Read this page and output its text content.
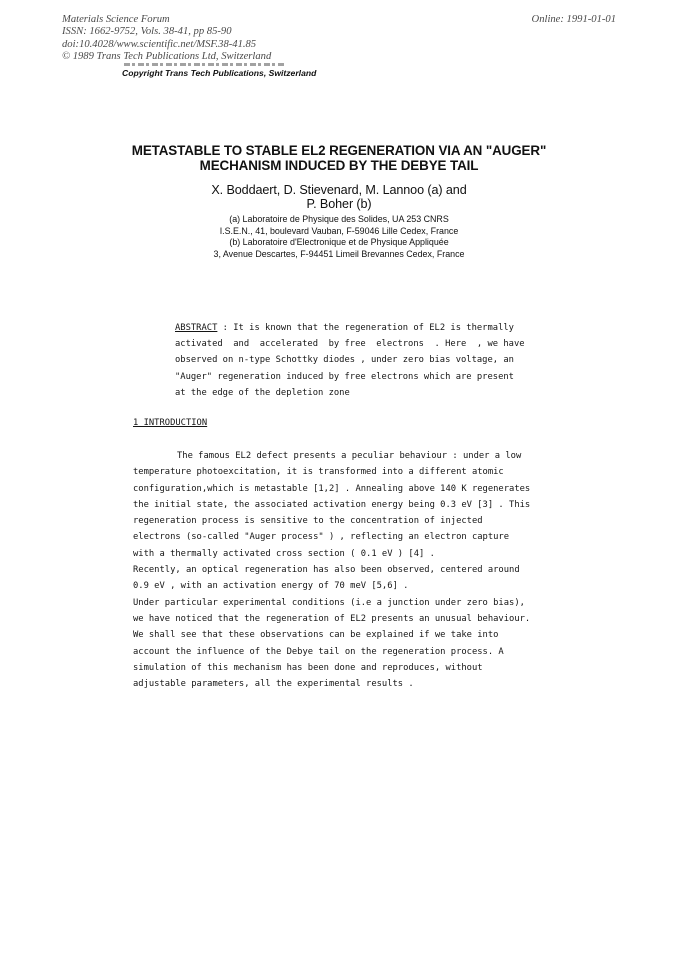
Materials Science Forum
ISSN: 1662-9752, Vols. 38-41, pp 85-90
doi:10.4028/www.scientific.net/MSF.38-41.85
© 1989 Trans Tech Publications Ltd, Switzerland
Online: 1991-01-01
Copyright Trans Tech Publications, Switzerland
METASTABLE TO STABLE EL2 REGENERATION VIA AN "AUGER"
MECHANISM INDUCED BY THE DEBYE TAIL
X. Boddaert, D. Stievenard, M. Lannoo (a) and
P. Boher (b)
(a) Laboratoire de Physique des Solides, UA 253 CNRS
I.S.E.N., 41, boulevard Vauban, F-59046 Lille Cedex, France
(b) Laboratoire d'Electronique et de Physique Appliquée
3, Avenue Descartes, F-94451 Limeil Brevannes Cedex, France
ABSTRACT : It is known that the regeneration of EL2 is thermally
activated  and  accelerated  by free  electrons  . Here  , we have
observed on n-type Schottky diodes , under zero bias voltage, an
"Auger" regeneration induced by free electrons which are present
at the edge of the depletion zone
1 INTRODUCTION
The famous EL2 defect presents a peculiar behaviour : under a low
temperature photoexcitation, it is transformed into a different atomic
configuration,which is metastable [1,2] . Annealing above 140 K regenerates
the initial state, the associated activation energy being 0.3 eV [3] . This
regeneration process is sensitive to the concentration of injected
electrons (so-called "Auger process" ) , reflecting an electron capture
with a thermally activated cross section ( 0.1 eV ) [4] .
Recently, an optical regeneration has also been observed, centered around
0.9 eV , with an activation energy of 70 meV [5,6] .
Under particular experimental conditions (i.e a junction under zero bias),
we have noticed that the regeneration of EL2 presents an unusual behaviour.
We shall see that these observations can be explained if we take into
account the influence of the Debye tail on the regeneration process. A
simulation of this mechanism has been done and reproduces, without
adjustable parameters, all the experimental results .
